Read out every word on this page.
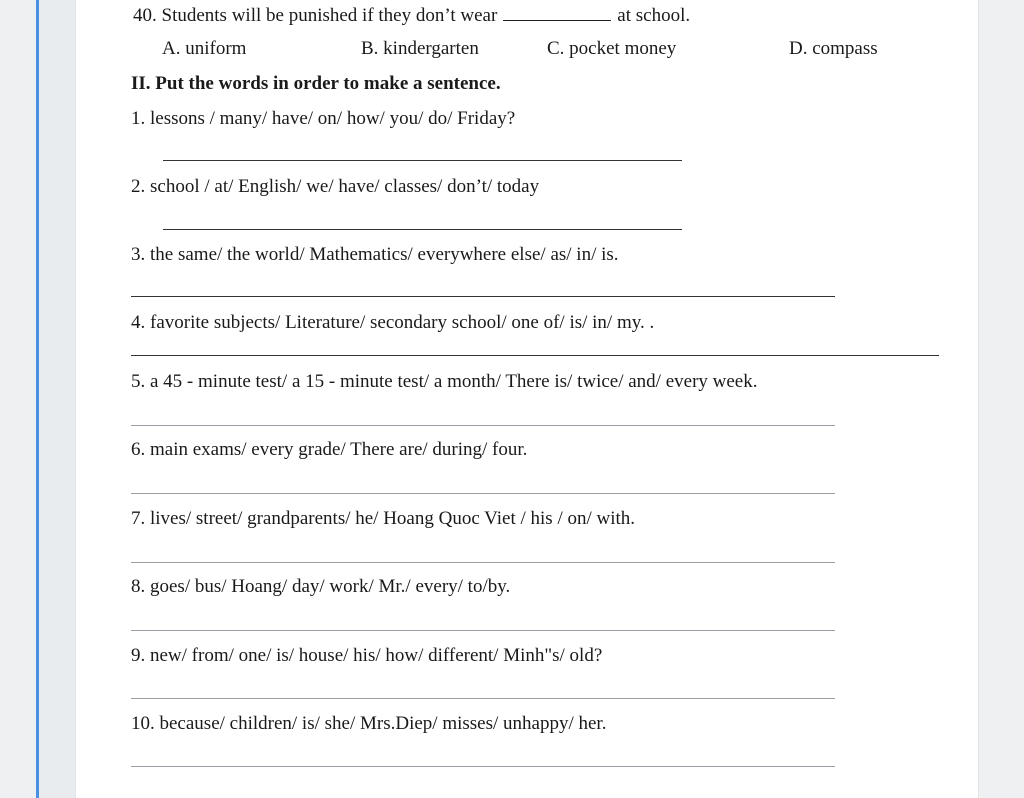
40. Students will be punished if they don’t wear	at school.
A. uniform	B. kindergarten	C. pocket money	D. compass
II. Put the words in order to make a sentence.
1. lessons / many/ have/ on/ how/ you/ do/ Friday?
2. school / at/ English/ we/ have/ classes/ don’t/ today
3. the same/ the world/ Mathematics/ everywhere else/ as/ in/ is.
4. favorite subjects/ Literature/ secondary school/ one of/ is/ in/ my. .
5. a 45 - minute test/ a 15 - minute test/ a month/ There is/ twice/ and/ every week.
6. main exams/ every grade/ There are/ during/ four.
7. lives/ street/ grandparents/ he/ Hoang Quoc Viet / his / on/ with.
8. goes/ bus/ Hoang/ day/ work/ Mr./ every/ to/by.
9. new/ from/ one/ is/ house/ his/ how/ different/ Minh"s/ old?
10. because/ children/ is/ she/ Mrs.Diep/ misses/ unhappy/ her.
